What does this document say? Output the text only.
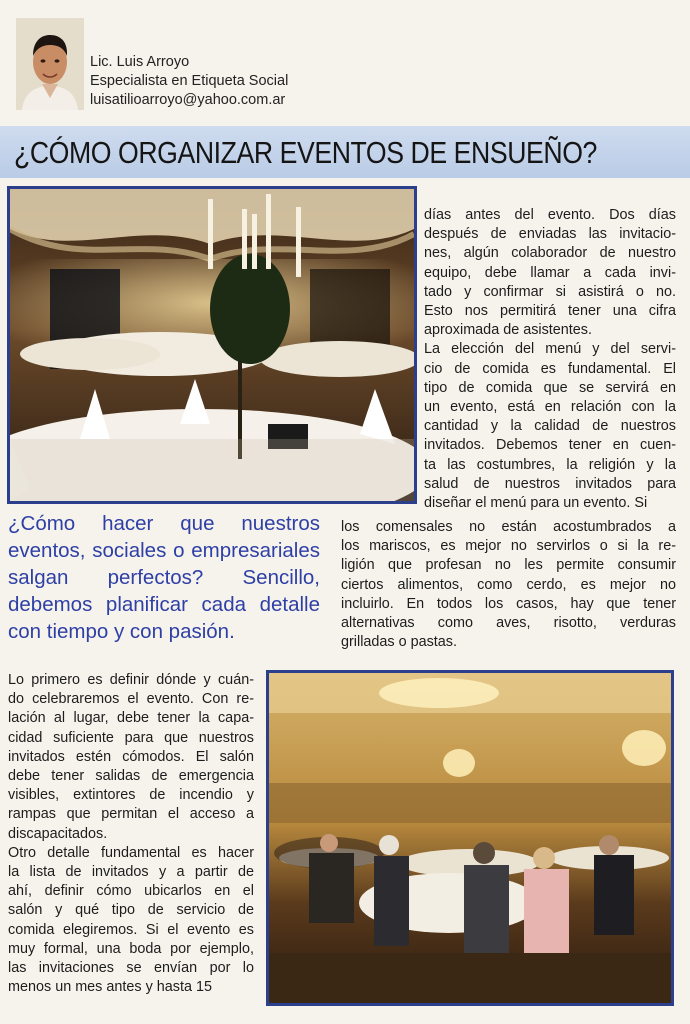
Lic. Luis Arroyo
Especialista en Etiqueta Social
luisatilioarroyo@yahoo.com.ar
¿CÓMO ORGANIZAR EVENTOS DE ENSUEÑO?
días antes del evento. Dos días
después de enviadas las invitacio-
nes, algún colaborador de nuestro
equipo, debe llamar a cada invi-
tado y confirmar si asistirá o no.
Esto nos permitirá tener una cifra
aproximada de asistentes.
La elección del menú y del servi-
cio de comida es fundamental. El
tipo de comida que se servirá en
un evento, está en relación con la
cantidad y la calidad de nuestros
invitados. Debemos tener en cuen-
ta las costumbres, la religión y la
salud de nuestros invitados para
diseñar el menú para un evento. Si
¿Cómo hacer que nuestros eventos, sociales o empresariales salgan perfectos? Sencillo, debemos planificar cada detalle con tiempo y con pasión.
los comensales no están acostumbrados a
los mariscos, es mejor no servirlos o si la re-
ligión que profesan no les permite consumir
ciertos alimentos, como cerdo, es mejor no
incluirlo. En todos los casos, hay que tener
alternativas como aves, risotto, verduras
grilladas o pastas.
Lo primero es definir dónde y cuán-
do celebraremos el evento. Con re-
lación al lugar, debe tener la capa-
cidad suficiente para que nuestros
invitados estén cómodos. El salón
debe tener salidas de emergencia
visibles, extintores de incendio y
rampas que permitan el acceso a
discapacitados.
Otro detalle fundamental es hacer
la lista de invitados y a partir de
ahí, definir cómo ubicarlos en el
salón y qué tipo de servicio de
comida elegiremos. Si el evento es
muy formal, una boda por ejemplo,
las invitaciones se envían por lo
menos un mes antes y hasta 15
